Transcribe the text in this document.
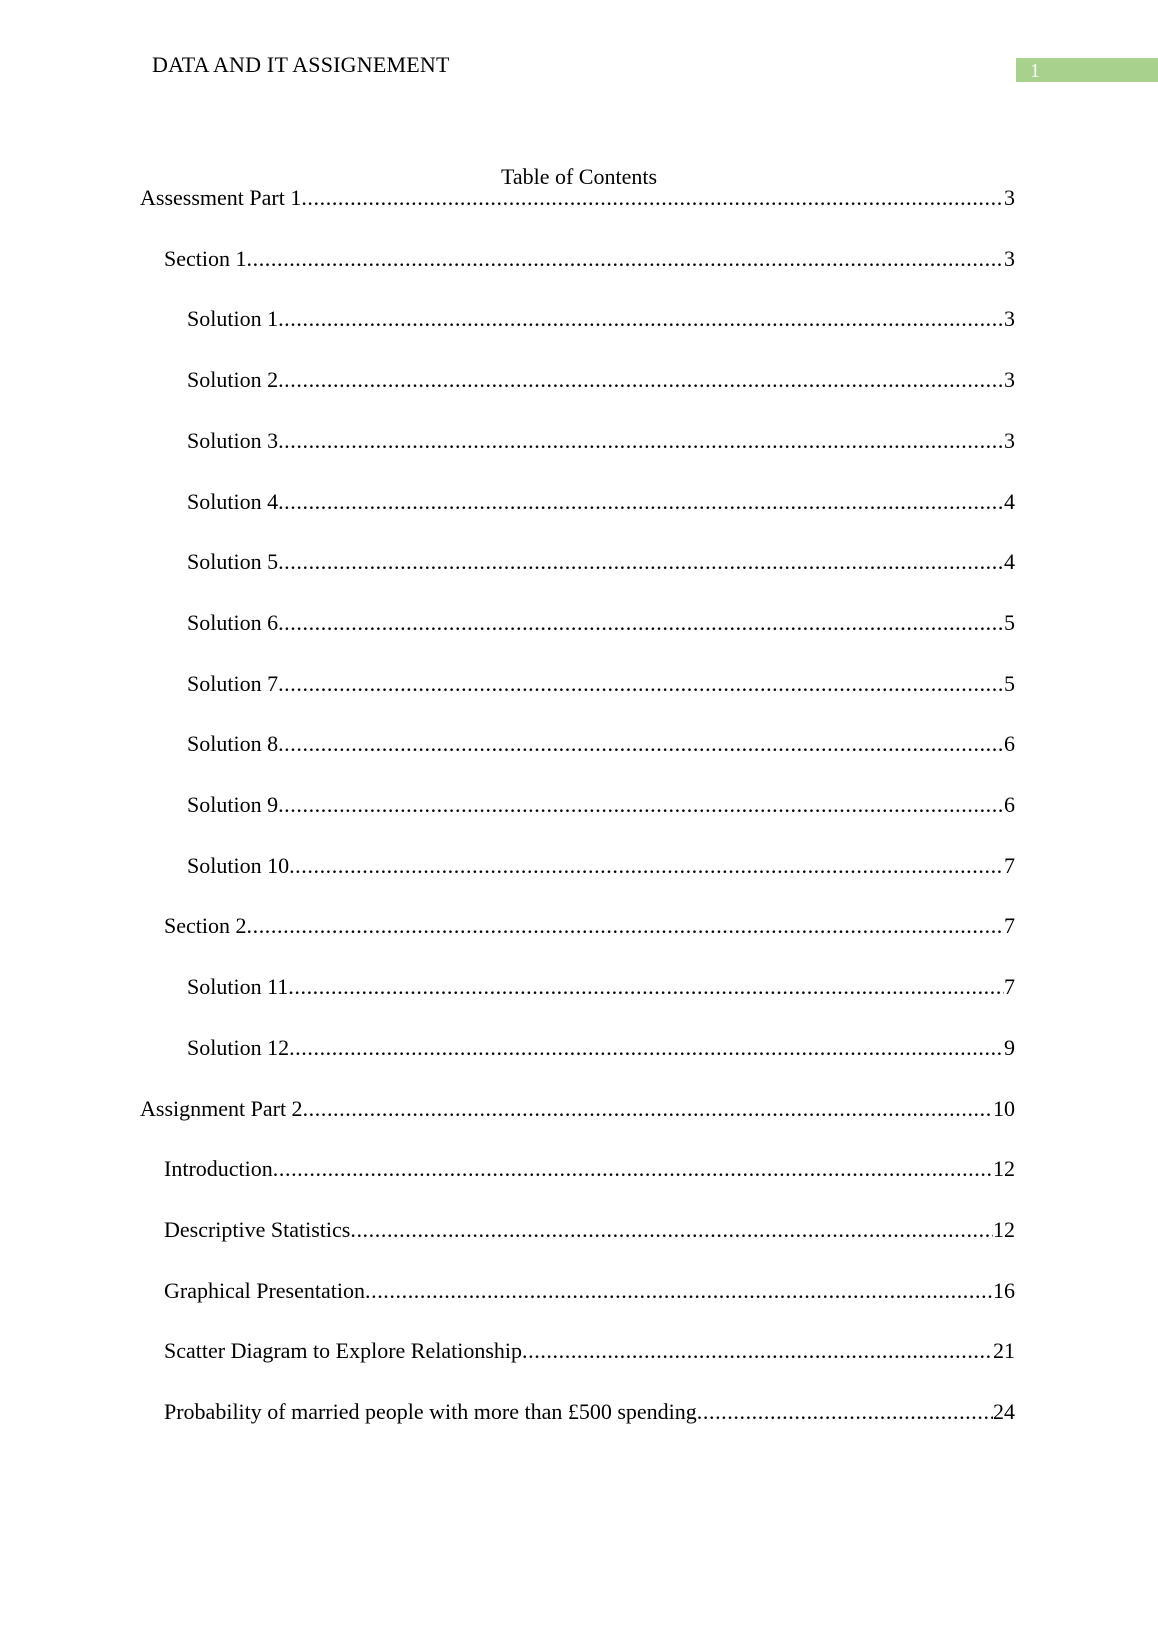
DATA AND IT ASSIGNEMENT	1
Table of Contents
Assessment Part 1 .....	3
Section 1 .....	3
Solution 1 .....	3
Solution 2 .....	3
Solution 3 .....	3
Solution 4 .....	4
Solution 5 .....	4
Solution 6 .....	5
Solution 7 .....	5
Solution 8 .....	6
Solution 9 .....	6
Solution 10 .....	7
Section 2 .....	7
Solution 11 .....	7
Solution 12 .....	9
Assignment Part 2 .....	10
Introduction .....	12
Descriptive Statistics .....	12
Graphical Presentation .....	16
Scatter Diagram to Explore Relationship .....	21
Probability of married people with more than £500 spending .....	24
